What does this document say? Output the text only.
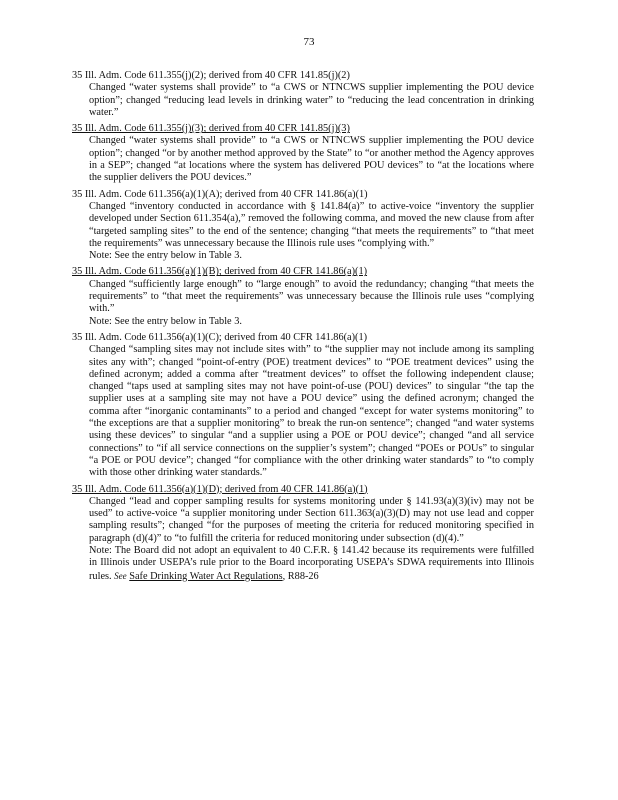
73
35 Ill. Adm. Code 611.355(j)(2); derived from 40 CFR 141.85(j)(2)

Changed “water systems shall provide” to “a CWS or NTNCWS supplier implementing the POU device option”; changed “reducing lead levels in drinking water” to “reducing the lead concentration in drinking water.”

35 Ill. Adm. Code 611.355(j)(3); derived from 40 CFR 141.85(j)(3)

Changed “water systems shall provide” to “a CWS or NTNCWS supplier implementing the POU device option”; changed “or by another method approved by the State” to “or another method the Agency approves in a SEP”; changed “at locations where the system has delivered POU devices” to “at the locations where the supplier delivers the POU devices.”

35 Ill. Adm. Code 611.356(a)(1)(A); derived from 40 CFR 141.86(a)(1)

Changed “inventory conducted in accordance with § 141.84(a)” to active-voice “inventory the supplier developed under Section 611.354(a),” removed the following comma, and moved the new clause from after “targeted sampling sites” to the end of the sentence; changing “that meets the requirements” to “that meet the requirements” was unnecessary because the Illinois rule uses “complying with.”

Note: See the entry below in Table 3.

35 Ill. Adm. Code 611.356(a)(1)(B); derived from 40 CFR 141.86(a)(1)

Changed “sufficiently large enough” to “large enough” to avoid the redundancy; changing “that meets the requirements” to “that meet the requirements” was unnecessary because the Illinois rule uses “complying with.”

Note: See the entry below in Table 3.

35 Ill. Adm. Code 611.356(a)(1)(C); derived from 40 CFR 141.86(a)(1)

Changed “sampling sites may not include sites with” to “the supplier may not include among its sampling sites any with”; changed “point-of-entry (POE) treatment devices” to “POE treatment devices” using the defined acronym; added a comma after “treatment devices” to offset the following independent clause; changed “taps used at sampling sites may not have point-of-use (POU) devices” to singular “the tap the supplier uses at a sampling site may not have a POU device” using the defined acronym; changed the comma after “inorganic contaminants” to a period and changed “except for water systems monitoring” to “the exceptions are that a supplier monitoring” to break the run-on sentence”; changed “and water systems using these devices” to singular “and a supplier using a POE or POU device”; changed “and all service connections” to “if all service connections on the supplier’s system”; changed “POEs or POUs” to singular “a POE or POU device”; changed “for compliance with the other drinking water standards” to “to comply with those other drinking water standards.”

35 Ill. Adm. Code 611.356(a)(1)(D); derived from 40 CFR 141.86(a)(1)

Changed “lead and copper sampling results for systems monitoring under § 141.93(a)(3)(iv) may not be used” to active-voice “a supplier monitoring under Section 611.363(a)(3)(D) may not use lead and copper sampling results”; changed “for the purposes of meeting the criteria for reduced monitoring specified in paragraph (d)(4)” to “to fulfill the criteria for reduced monitoring under subsection (d)(4).”

Note: The Board did not adopt an equivalent to 40 C.F.R. § 141.42 because its requirements were fulfilled in Illinois under USEPA’s rule prior to the Board incorporating USEPA’s SDWA requirements into Illinois rules. See Safe Drinking Water Act Regulations, R88-26
